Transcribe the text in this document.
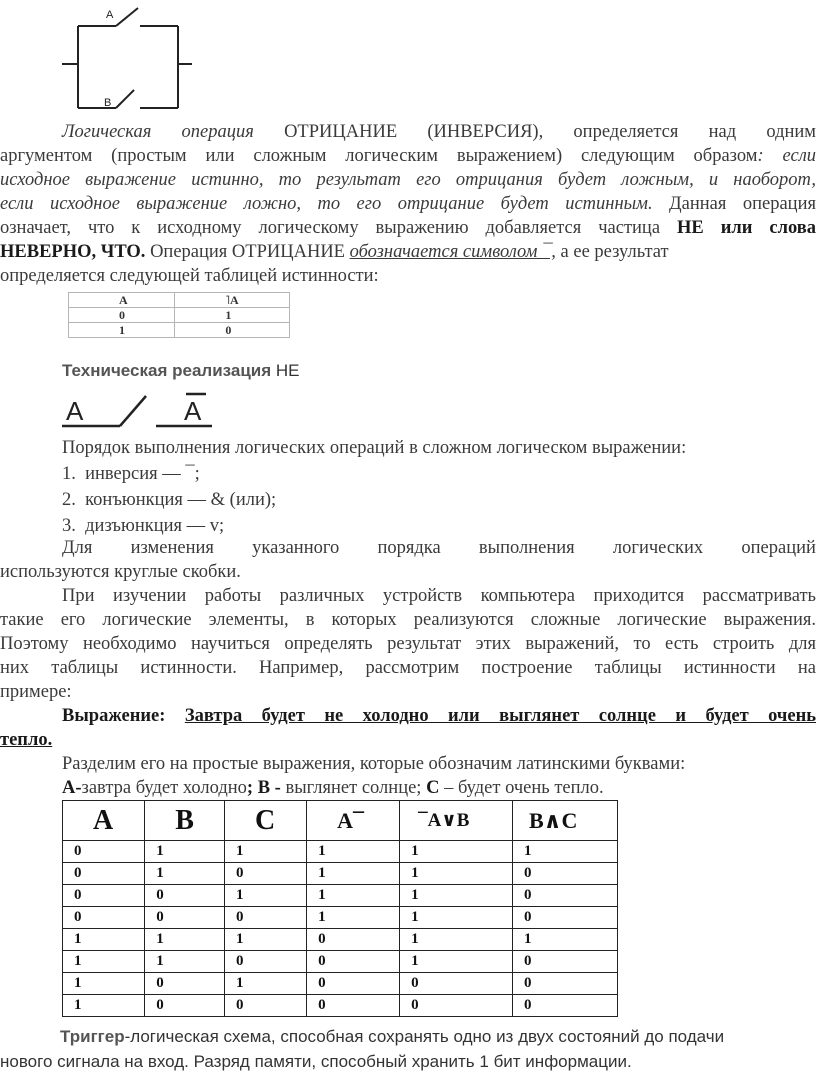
A
B
Логическая операция ОТРИЦАНИЕ (ИНВЕРСИЯ), определяется над одним
аргументом (простым или сложным логическим выражением) следующим образом: если
исходное выражение истинно, то результат его отрицания будет ложным, и наоборот,
если исходное выражение ложно, то его отрицание будет истинным. Данная операция
означает, что к исходному логическому выражению добавляется частица НЕ или слова
НЕВЕРНО, ЧТО. Операция ОТРИЦАНИЕ обозначается символом ¯, а ее результат
определяется следующей таблицей истинности:
А	˥А
0	1
1	0
Техническая реализация НЕ
A	A
Порядок выполнения логических операций в сложном логическом выражении:
1. инверсия — ¯;
2. конъюнкция — & (или);
3. дизъюнкция — v;
Для изменения указанного порядка выполнения логических операций
используются круглые скобки.
При изучении работы различных устройств компьютера приходится рассматривать
такие его логические элементы, в которых реализуются сложные логические выражения.
Поэтому необходимо научиться определять результат этих выражений, то есть строить для
них таблицы истинности. Например, рассмотрим построение таблицы истинности на
примере:
Выражение: Завтра будет не холодно или выглянет солнце и будет очень
тепло.
Разделим его на простые выражения, которые обозначим латинскими буквами:
А-завтра будет холодно; В - выглянет солнце; С – будет очень тепло.
A	B	C	A¯	¯A∨B	B∧C
0	1	1	1	1	1
0	1	0	1	1	0
0	0	1	1	1	0
0	0	0	1	1	0
1	1	1	0	1	1
1	1	0	0	1	0
1	0	1	0	0	0
1	0	0	0	0	0
Триггер-логическая схема, способная сохранять одно из двух состояний до подачи
нового сигнала на вход. Разряд памяти, способный хранить 1 бит информации.
